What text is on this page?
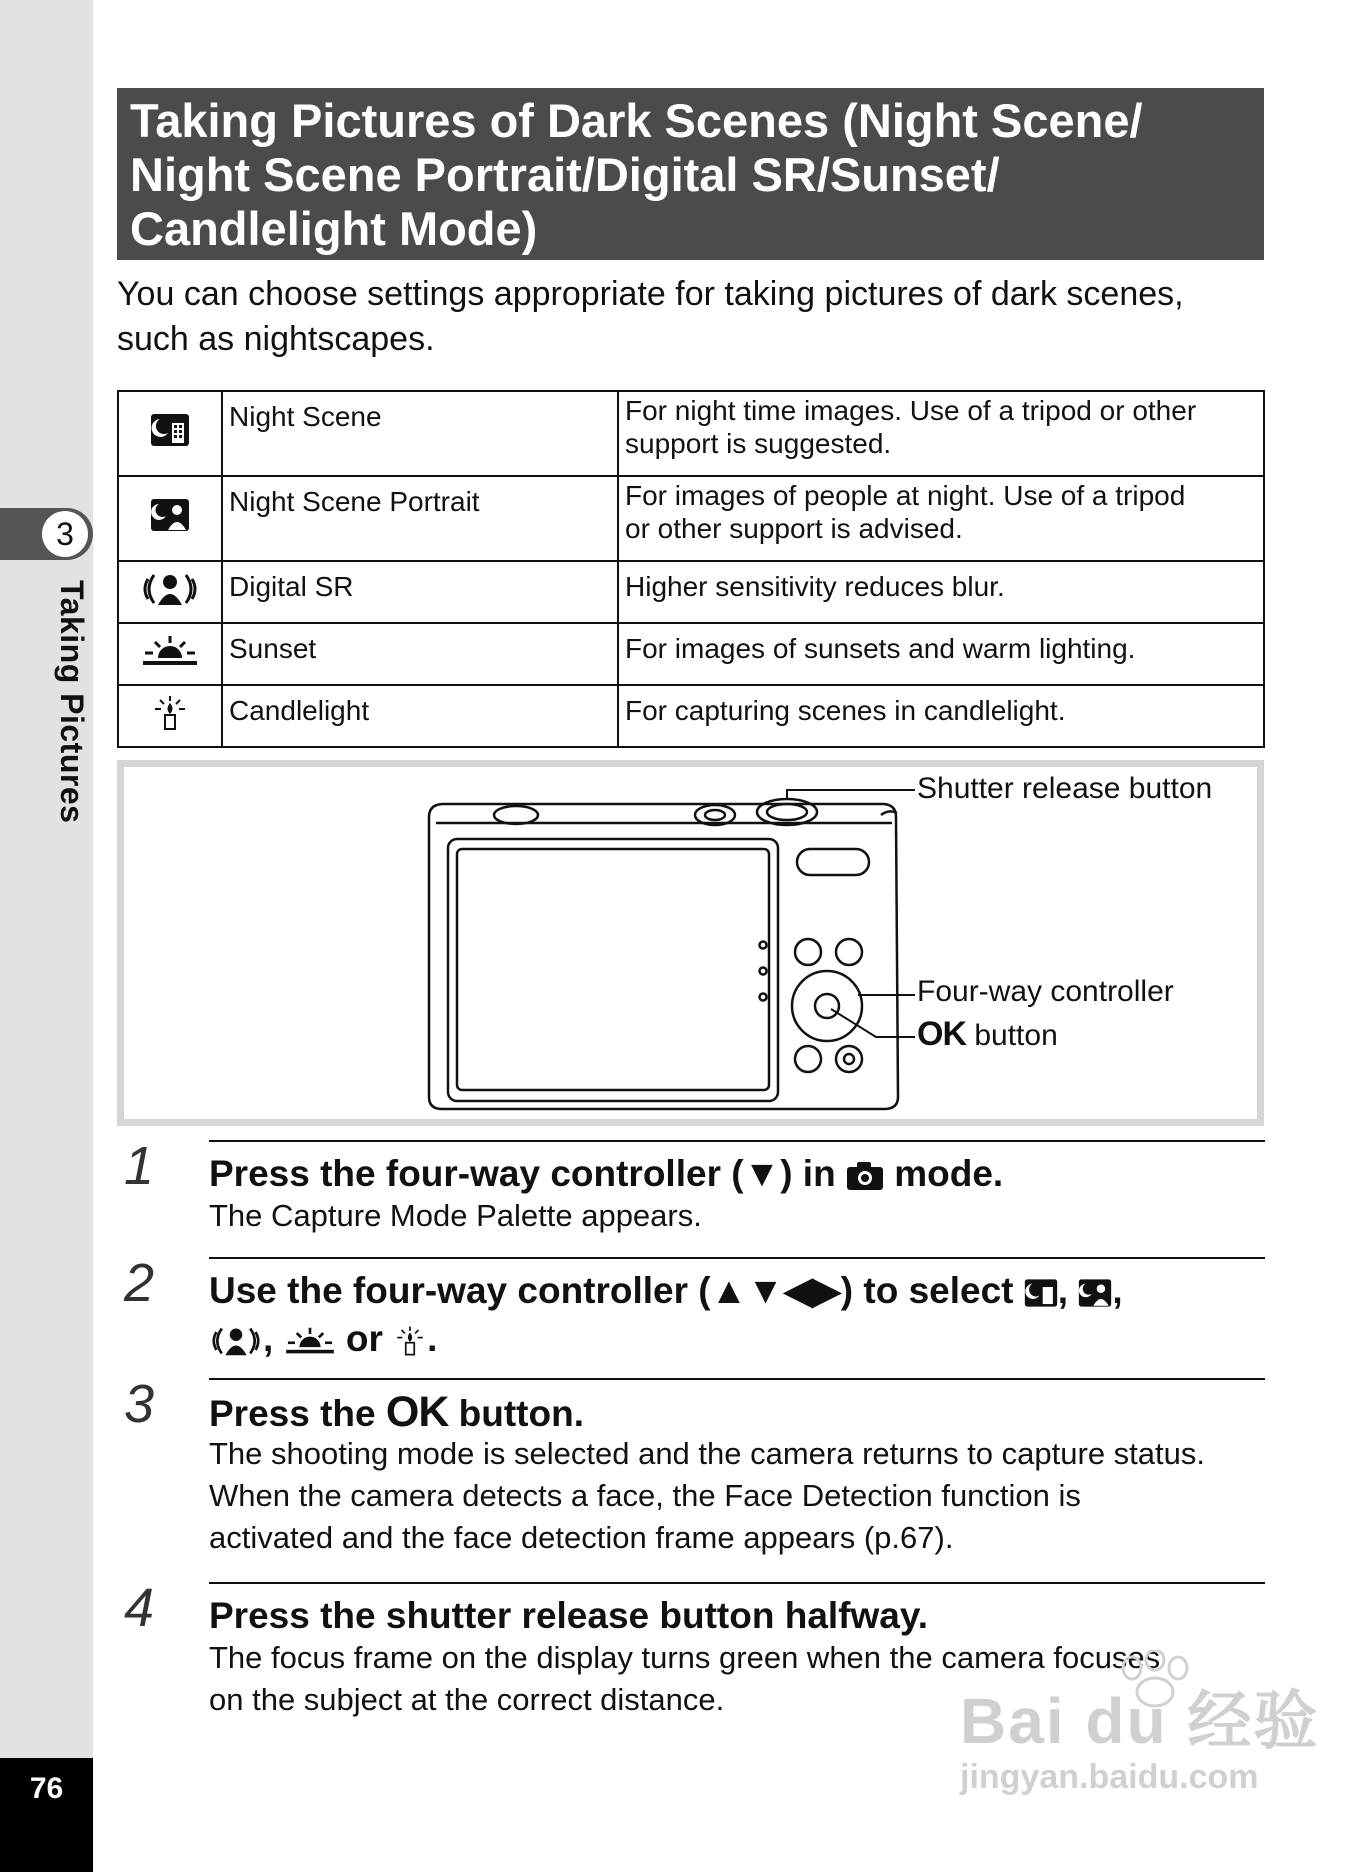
3
Taking Pictures
76
Taking Pictures of Dark Scenes (Night Scene/
Night Scene Portrait/Digital SR/Sunset/
Candlelight Mode)
You can choose settings appropriate for taking pictures of dark scenes,
such as nightscapes.
	Night Scene	For night time images. Use of a tripod or other
support is suggested.

	Night Scene Portrait	For images of people at night. Use of a tripod
or other support is advised.

	Digital SR	Higher sensitivity reduces blur.
	Sunset	For images of sunsets and warm lighting.
	Candlelight	For capturing scenes in candlelight.
Shutter release button
Four-way controller
OK button
1 Press the four-way controller (▼) in  mode.
The Capture Mode Palette appears.
2 Use the four-way controller (▲▼◀▶) to select , ,
,  or .
3 Press the OK button.
The shooting mode is selected and the camera returns to capture status.
When the camera detects a face, the Face Detection function is
activated and the face detection frame appears (p.67).
4 Press the shutter release button halfway.
The focus frame on the display turns green when the camera focuses
on the subject at the correct distance.	Bai du 经验
jingyan.baidu.com
